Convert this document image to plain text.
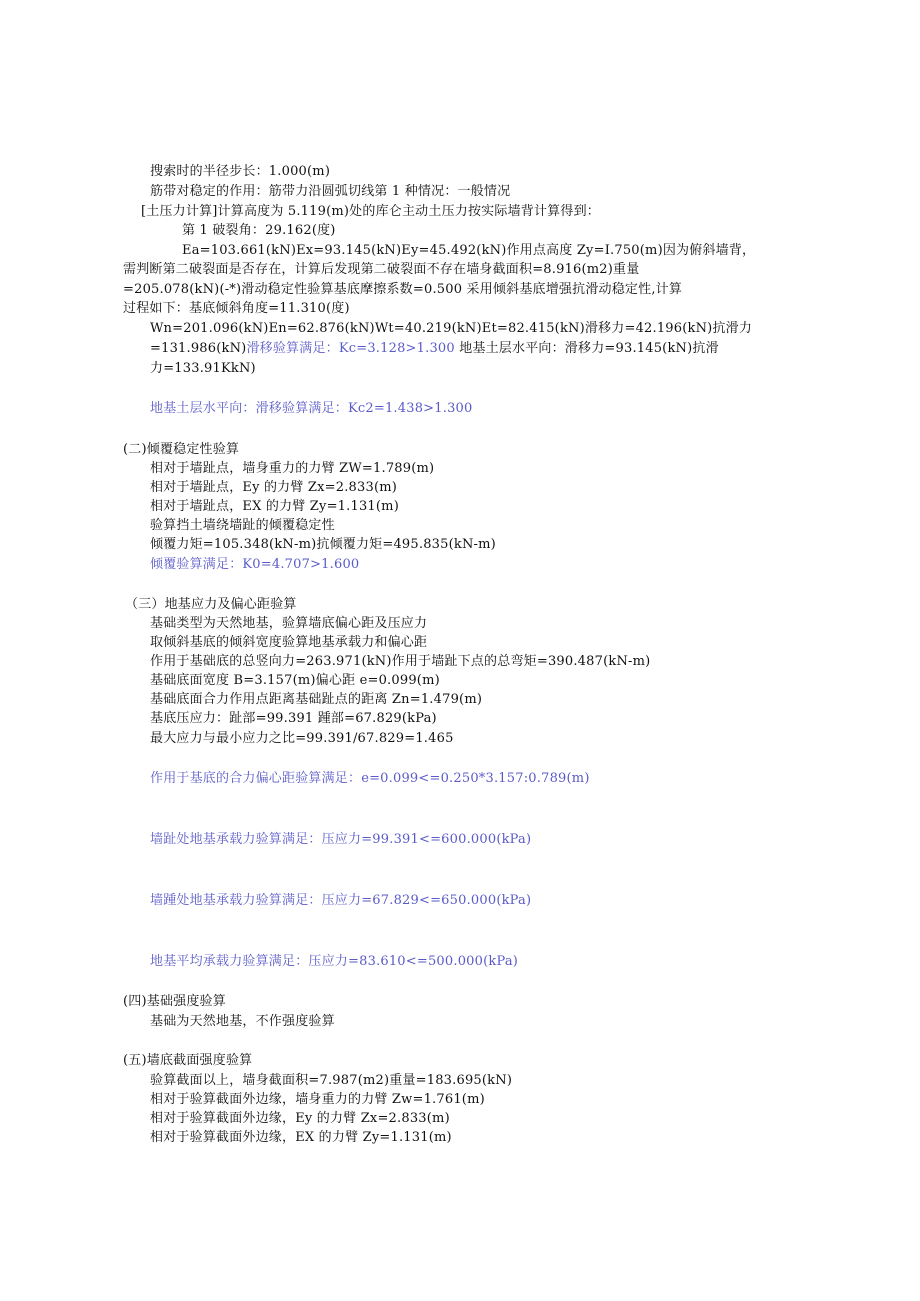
搜索时的半径步长：1.000(m)
筋带对稳定的作用：筋带力沿圆弧切线第 1 种情况：一般情况
[土压力计算]计算高度为 5.119(m)处的库仑主动土压力按实际墙背计算得到：
第 1 破裂角：29.162(度)
Ea=103.661(kN)Ex=93.145(kN)Ey=45.492(kN)作用点高度 Zy=I.750(m)因为俯斜墙背，
需判断第二破裂面是否存在，计算后发现第二破裂面不存在墙身截面积=8.916(m2)重量
=205.078(kN)(-*)滑动稳定性验算基底摩擦系数=0.500 采用倾斜基底增强抗滑动稳定性,计算
过程如下：基底倾斜角度=11.310(度)
Wn=201.096(kN)En=62.876(kN)Wt=40.219(kN)Et=82.415(kN)滑移力=42.196(kN)抗滑力
=131.986(kN)滑移验算满足：Kc=3.128>1.300 地基土层水平向：滑移力=93.145(kN)抗滑
力=133.91KkN)
地基土层水平向：滑移验算满足：Kc2=1.438>1.300
(二)倾覆稳定性验算
相对于墙趾点，墙身重力的力臂 ZW=1.789(m)
相对于墙趾点，Ey 的力臂 Zx=2.833(m)
相对于墙趾点，EX 的力臂 Zy=1.131(m)
验算挡土墙绕墙趾的倾覆稳定性
倾覆力矩=105.348(kN-m)抗倾覆力矩=495.835(kN-m)
倾覆验算满足：K0=4.707>1.600
（三）地基应力及偏心距验算
基础类型为天然地基，验算墙底偏心距及压应力
取倾斜基底的倾斜宽度验算地基承载力和偏心距
作用于基础底的总竖向力=263.971(kN)作用于墙趾下点的总弯矩=390.487(kN-m)
基础底面宽度 B=3.157(m)偏心距 e=0.099(m)
基础底面合力作用点距离基础趾点的距离 Zn=1.479(m)
基底压应力：趾部=99.391 踵部=67.829(kPa)
最大应力与最小应力之比=99.391/67.829=1.465
作用于基底的合力偏心距验算满足：e=0.099<=0.250*3.157:0.789(m)
墙趾处地基承载力验算满足：压应力=99.391<=600.000(kPa)
墙踵处地基承载力验算满足：压应力=67.829<=650.000(kPa)
地基平均承载力验算满足：压应力=83.610<=500.000(kPa)
(四)基础强度验算
基础为天然地基，不作强度验算
(五)墙底截面强度验算
验算截面以上，墙身截面积=7.987(m2)重量=183.695(kN)
相对于验算截面外边缘，墙身重力的力臂 Zw=1.761(m)
相对于验算截面外边缘，Ey 的力臂 Zx=2.833(m)
相对于验算截面外边缘，EX 的力臂 Zy=1.131(m)
